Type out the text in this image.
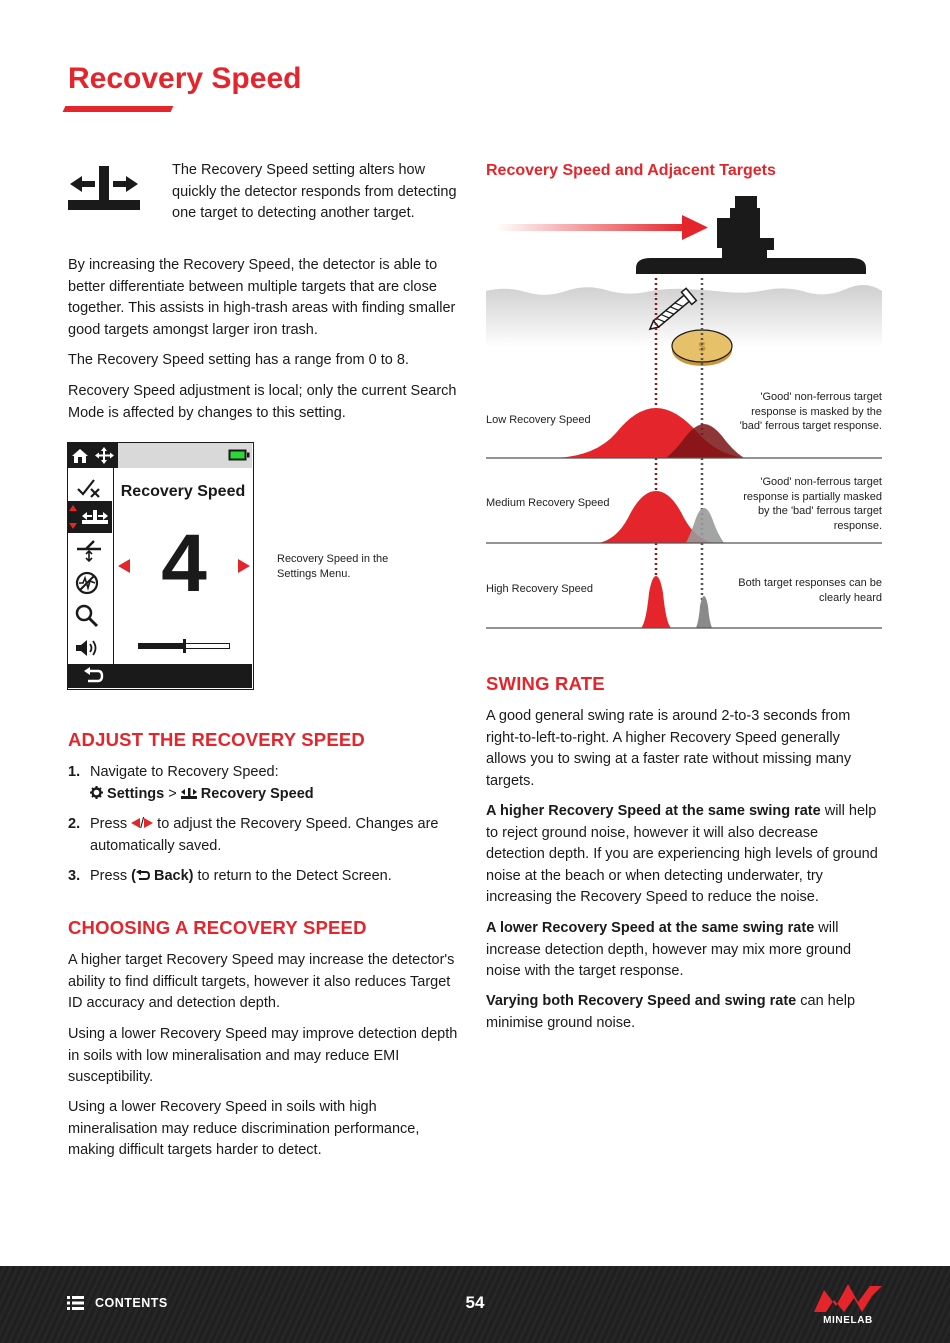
Recovery Speed

The Recovery Speed setting alters how quickly the detector responds from detecting one target to detecting another target.

By increasing the Recovery Speed, the detector is able to better differentiate between multiple targets that are close together. This assists in high-trash areas with finding smaller good targets amongst larger iron trash.

The Recovery Speed setting has a range from 0 to 8.

Recovery Speed adjustment is local; only the current Search Mode is affected by changes to this setting.

Recovery Speed
4	Recovery Speed in the Settings Menu.
ADJUST THE RECOVERY SPEED
1. Navigate to Recovery Speed:
Settings > Recovery Speed
2. Press / to adjust the Recovery Speed. Changes are automatically saved.
3. Press ( Back) to return to the Detect Screen.
CHOOSING A RECOVERY SPEED

A higher target Recovery Speed may increase the detector's ability to find difficult targets, however it also reduces Target ID accuracy and detection depth.

Using a lower Recovery Speed may improve detection depth in soils with low mineralisation and may reduce EMI susceptibility.

Using a lower Recovery Speed in soils with high mineralisation may reduce discrimination performance, making difficult targets harder to detect.

Recovery Speed and Adjacent Targets
$
Low Recovery Speed
'Good' non-ferrous target response is masked by the 'bad' ferrous target response.
Medium Recovery Speed
'Good' non-ferrous target response is partially masked by the 'bad' ferrous target response.
High Recovery Speed	Both target responses can be clearly heard
SWING RATE

A good general swing rate is around 2-to-3 seconds from right-to-left-to-right. A higher Recovery Speed generally allows you to swing at a faster rate without missing many targets.

A higher Recovery Speed at the same swing rate will help to reject ground noise, however it will also decrease detection depth. If you are experiencing high levels of ground noise at the beach or when detecting underwater, try increasing the Recovery Speed to reduce the noise.

A lower Recovery Speed at the same swing rate will increase detection depth, however may mix more ground noise with the target response.

Varying both Recovery Speed and swing rate can help minimise ground noise.

CONTENTS	54
MINELAB
